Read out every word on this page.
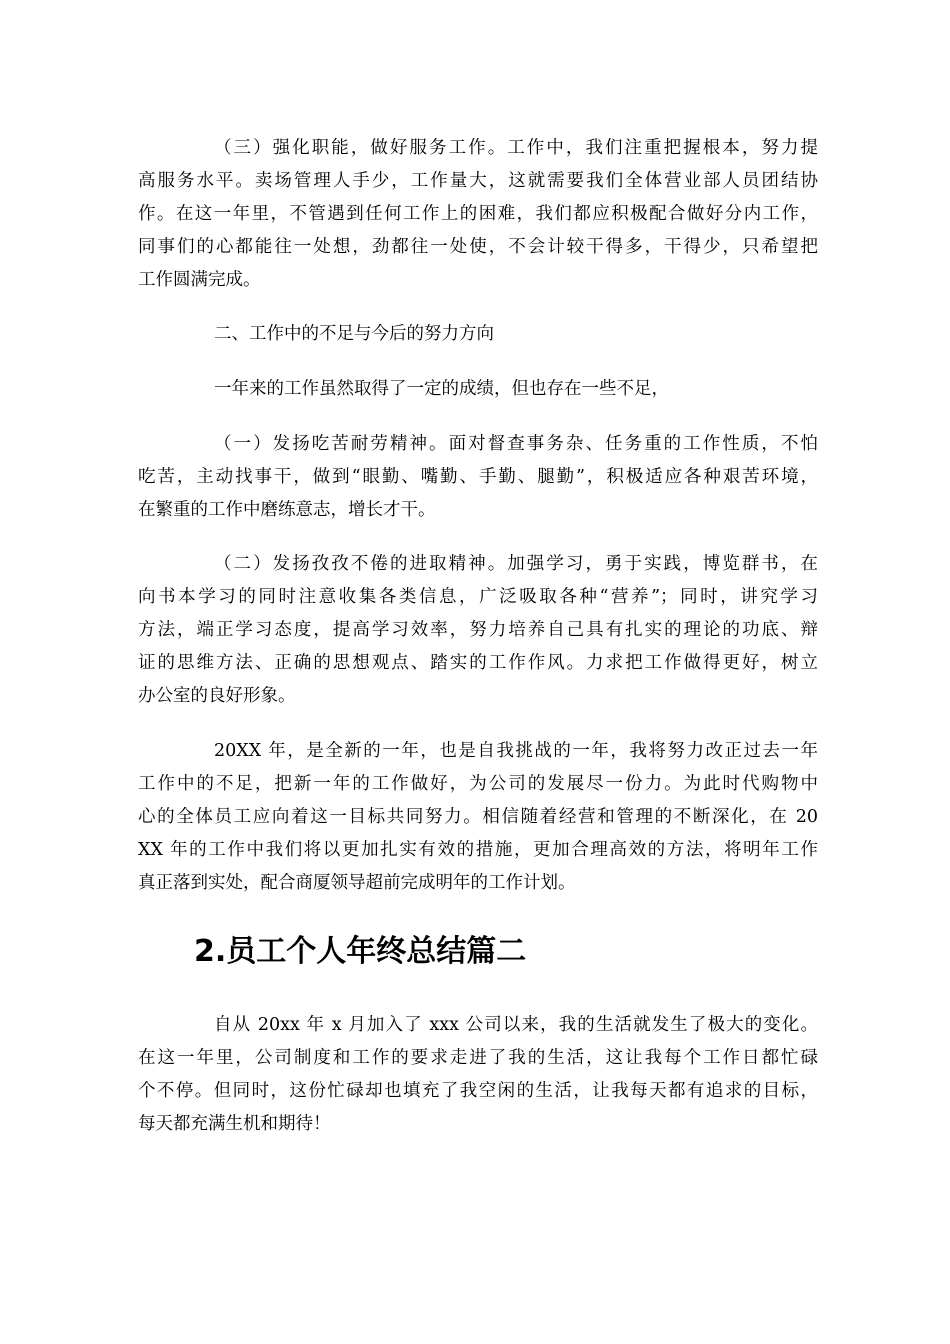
（三）强化职能，做好服务工作。工作中，我们注重把握根本，努力提
高服务水平。卖场管理人手少，工作量大，这就需要我们全体营业部人员团结协
作。在这一年里，不管遇到任何工作上的困难，我们都应积极配合做好分内工作，
同事们的心都能往一处想，劲都往一处使，不会计较干得多，干得少，只希望把
工作圆满完成。
二、工作中的不足与今后的努力方向
一年来的工作虽然取得了一定的成绩，但也存在一些不足，
（一）发扬吃苦耐劳精神。面对督查事务杂、任务重的工作性质，不怕
吃苦，主动找事干，做到“眼勤、嘴勤、手勤、腿勤”，积极适应各种艰苦环境，
在繁重的工作中磨练意志，增长才干。
（二）发扬孜孜不倦的进取精神。加强学习，勇于实践，博览群书，在
向书本学习的同时注意收集各类信息，广泛吸取各种“营养”；同时，讲究学习
方法，端正学习态度，提高学习效率，努力培养自己具有扎实的理论的功底、辩
证的思维方法、正确的思想观点、踏实的工作作风。力求把工作做得更好，树立
办公室的良好形象。
20XX 年，是全新的一年，也是自我挑战的一年，我将努力改正过去一年
工作中的不足，把新一年的工作做好，为公司的发展尽一份力。为此时代购物中
心的全体员工应向着这一目标共同努力。相信随着经营和管理的不断深化，在 20
XX 年的工作中我们将以更加扎实有效的措施，更加合理高效的方法，将明年工作
真正落到实处，配合商厦领导超前完成明年的工作计划。
2.员工个人年终总结篇二
自从 20xx 年 x 月加入了 xxx 公司以来，我的生活就发生了极大的变化。
在这一年里，公司制度和工作的要求走进了我的生活，这让我每个工作日都忙碌
个不停。但同时，这份忙碌却也填充了我空闲的生活，让我每天都有追求的目标，
每天都充满生机和期待！
